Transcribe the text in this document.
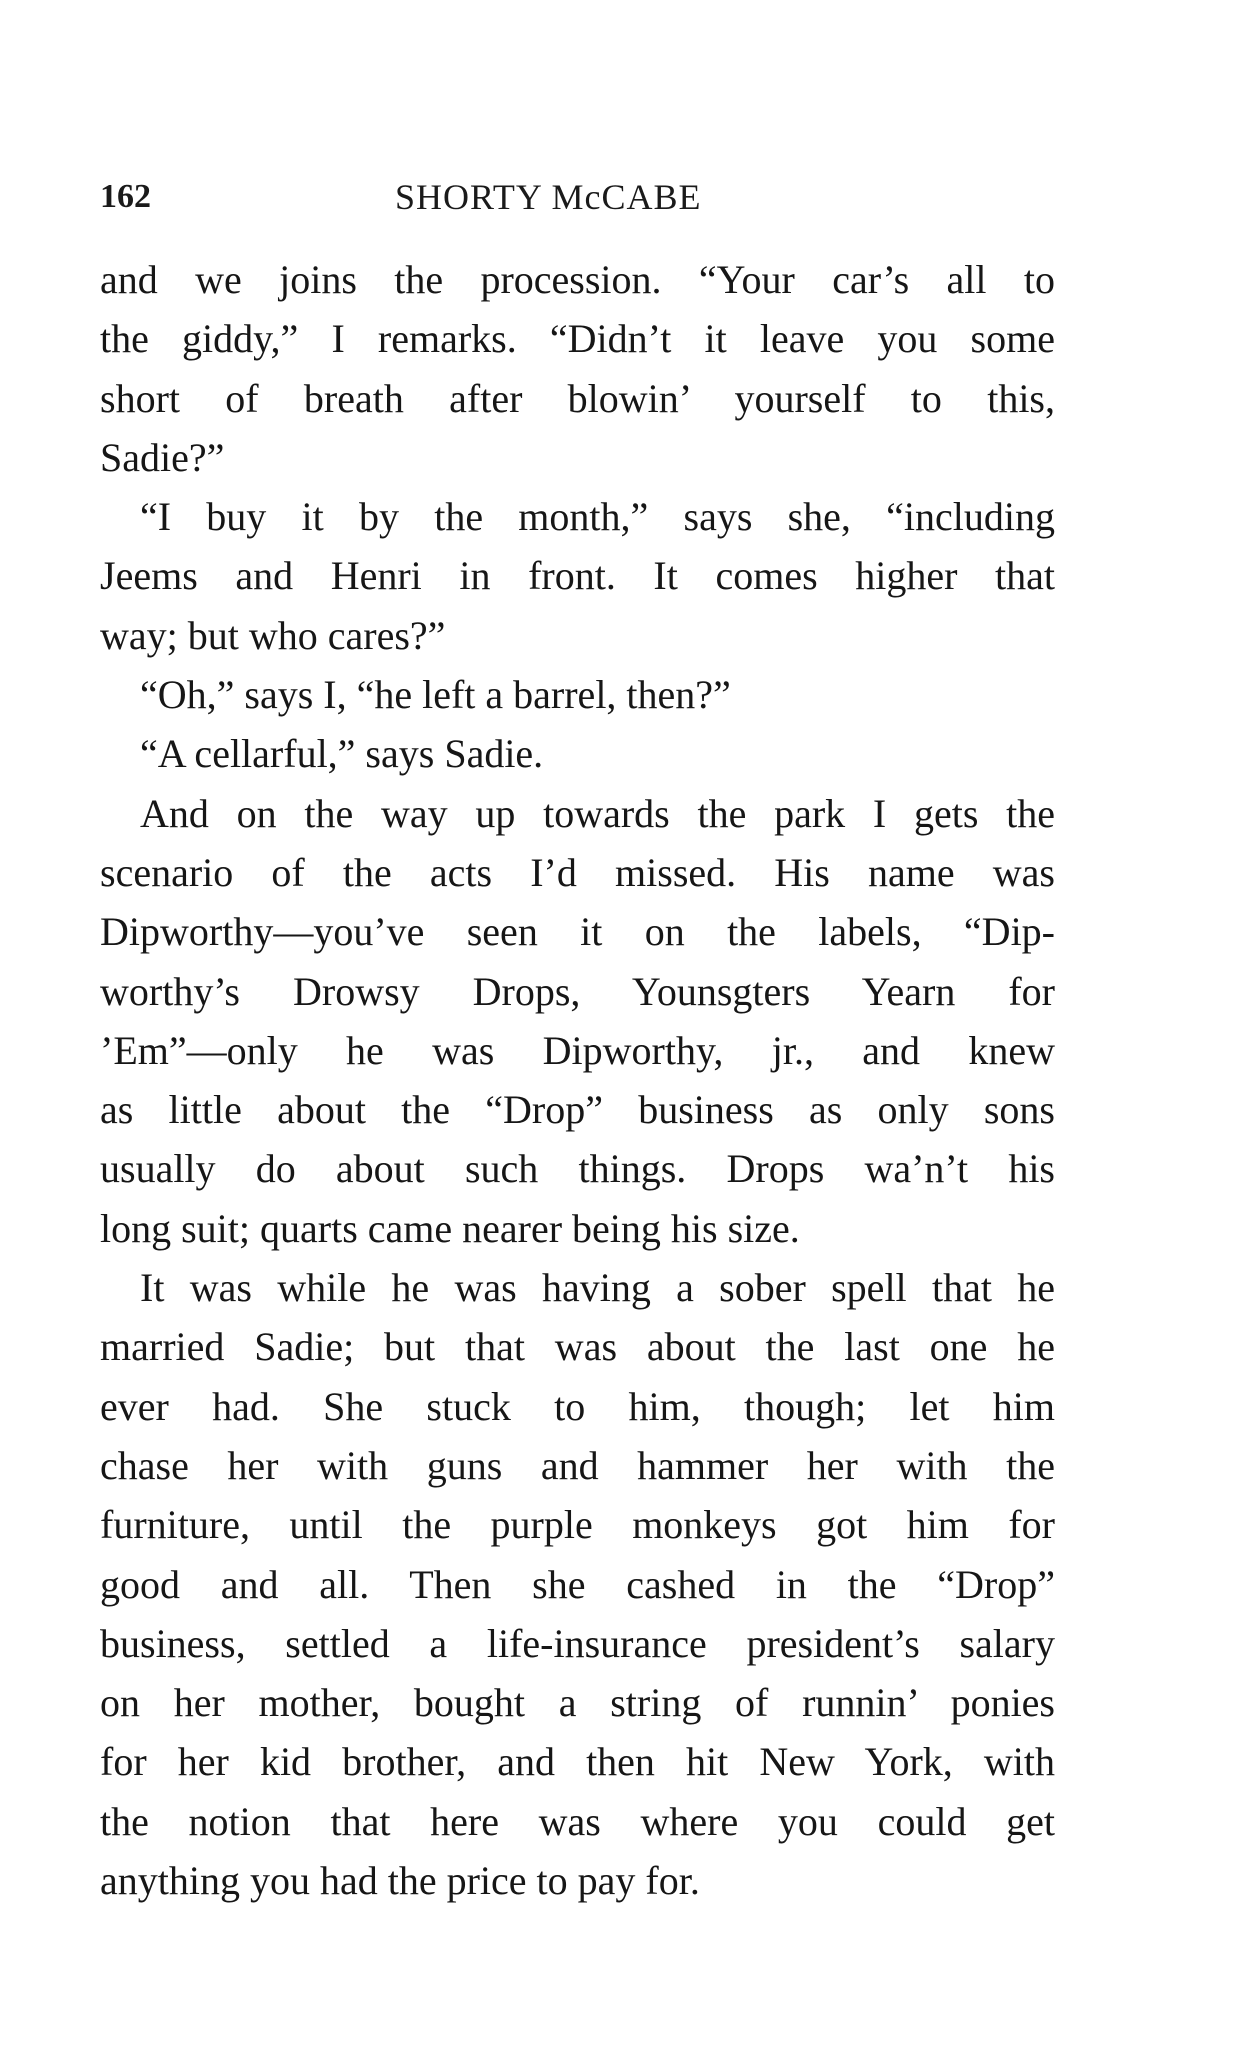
162	SHORTY McCABE
and we joins the procession. “Your car’s all to
the giddy,” I remarks. “Didn’t it leave you some
short of breath after blowin’ yourself to this,
Sadie?”
“I buy it by the month,” says she, “including
Jeems and Henri in front. It comes higher that
way; but who cares?”
“Oh,” says I, “he left a barrel, then?”
“A cellarful,” says Sadie.
And on the way up towards the park I gets the
scenario of the acts I’d missed. His name was
Dipworthy—you’ve seen it on the labels, “Dip-
worthy’s Drowsy Drops, Younsgters Yearn for
’Em”—only he was Dipworthy, jr., and knew
as little about the “Drop” business as only sons
usually do about such things. Drops wa’n’t his
long suit; quarts came nearer being his size.
It was while he was having a sober spell that he
married Sadie; but that was about the last one he
ever had. She stuck to him, though; let him
chase her with guns and hammer her with the
furniture, until the purple monkeys got him for
good and all. Then she cashed in the “Drop”
business, settled a life-insurance president’s salary
on her mother, bought a string of runnin’ ponies
for her kid brother, and then hit New York, with
the notion that here was where you could get
anything you had the price to pay for.
